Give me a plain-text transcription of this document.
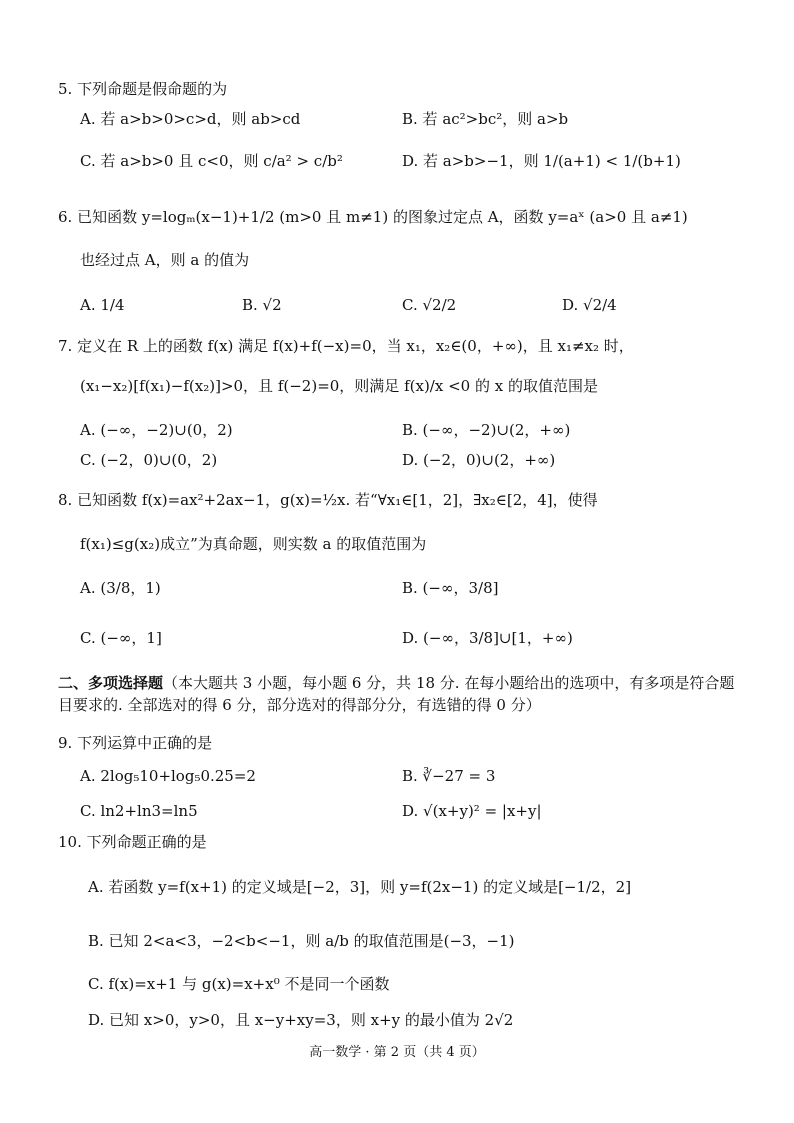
5. 下列命题是假命题的为
A. 若 a>b>0>c>d，则 ab>cd	B. 若 ac²>bc²，则 a>b
C. 若 a>b>0 且 c<0，则 c/a² > c/b²	D. 若 a>b>−1，则 1/(a+1) < 1/(b+1)
6. 已知函数 y=logₘ(x−1)+1/2 (m>0 且 m≠1) 的图象过定点 A，函数 y=aˣ (a>0 且 a≠1)
也经过点 A，则 a 的值为
A. 1/4	B. √2	C. √2/2	D. √2/4
7. 定义在 R 上的函数 f(x) 满足 f(x)+f(−x)=0，当 x₁，x₂∈(0，+∞)，且 x₁≠x₂ 时，
(x₁−x₂)[f(x₁)−f(x₂)]>0，且 f(−2)=0，则满足 f(x)/x <0 的 x 的取值范围是
A. (−∞，−2)∪(0，2)	B. (−∞，−2)∪(2，+∞)
C. (−2，0)∪(0，2)	D. (−2，0)∪(2，+∞)
8. 已知函数 f(x)=ax²+2ax−1，g(x)=½x. 若“∀x₁∈[1，2]，∃x₂∈[2，4]，使得
f(x₁)≤g(x₂)成立”为真命题，则实数 a 的取值范围为
A. (3/8，1)	B. (−∞，3/8]
C. (−∞，1]	D. (−∞，3/8]∪[1，+∞)
二、多项选择题（本大题共 3 小题，每小题 6 分，共 18 分. 在每小题给出的选项中，有多项是符合题目要求的. 全部选对的得 6 分，部分选对的得部分分，有选错的得 0 分）
9. 下列运算中正确的是
A. 2log₅10+log₅0.25=2	B. ∛−27 = 3
C. ln2+ln3=ln5	D. √(x+y)² = |x+y|
10. 下列命题正确的是
A. 若函数 y=f(x+1) 的定义域是[−2，3]，则 y=f(2x−1) 的定义域是[−1/2，2]
B. 已知 2<a<3，−2<b<−1，则 a/b 的取值范围是(−3，−1)
C. f(x)=x+1 与 g(x)=x+x⁰ 不是同一个函数
D. 已知 x>0，y>0，且 x−y+xy=3，则 x+y 的最小值为 2√2
高一数学 · 第 2 页（共 4 页）
